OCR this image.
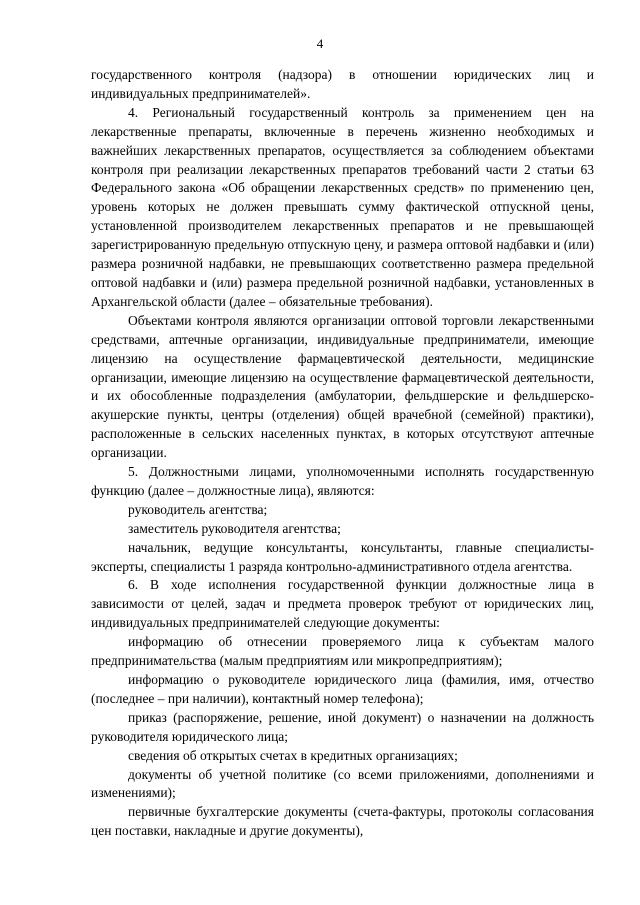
4

государственного контроля (надзора) в отношении юридических лиц и индивидуальных предпринимателей».

4. Региональный государственный контроль за применением цен на лекарственные препараты, включенные в перечень жизненно необходимых и важнейших лекарственных препаратов, осуществляется за соблюдением объектами контроля при реализации лекарственных препаратов требований части 2 статьи 63 Федерального закона «Об обращении лекарственных средств» по применению цен, уровень которых не должен превышать сумму фактической отпускной цены, установленной производителем лекарственных препаратов и не превышающей зарегистрированную предельную отпускную цену, и размера оптовой надбавки и (или) размера розничной надбавки, не превышающих соответственно размера предельной оптовой надбавки и (или) размера предельной розничной надбавки, установленных в Архангельской области (далее – обязательные требования).

Объектами контроля являются организации оптовой торговли лекарственными средствами, аптечные организации, индивидуальные предприниматели, имеющие лицензию на осуществление фармацевтической деятельности, медицинские организации, имеющие лицензию на осуществление фармацевтической деятельности, и их обособленные подразделения (амбулатории, фельдшерские и фельдшерско-акушерские пункты, центры (отделения) общей врачебной (семейной) практики), расположенные в сельских населенных пунктах, в которых отсутствуют аптечные организации.

5. Должностными лицами, уполномоченными исполнять государственную функцию (далее – должностные лица), являются:

руководитель агентства;

заместитель руководителя агентства;

начальник, ведущие консультанты, консультанты, главные специалисты-эксперты, специалисты 1 разряда контрольно-административного отдела агентства.

6. В ходе исполнения государственной функции должностные лица в зависимости от целей, задач и предмета проверок требуют от юридических лиц, индивидуальных предпринимателей следующие документы:

информацию об отнесении проверяемого лица к субъектам малого предпринимательства (малым предприятиям или микропредприятиям);

информацию о руководителе юридического лица (фамилия, имя, отчество (последнее – при наличии), контактный номер телефона);

приказ (распоряжение, решение, иной документ) о назначении на должность руководителя юридического лица;

сведения об открытых счетах в кредитных организациях;

документы об учетной политике (со всеми приложениями, дополнениями и изменениями);

первичные бухгалтерские документы (счета-фактуры, протоколы согласования цен поставки, накладные и другие документы),
